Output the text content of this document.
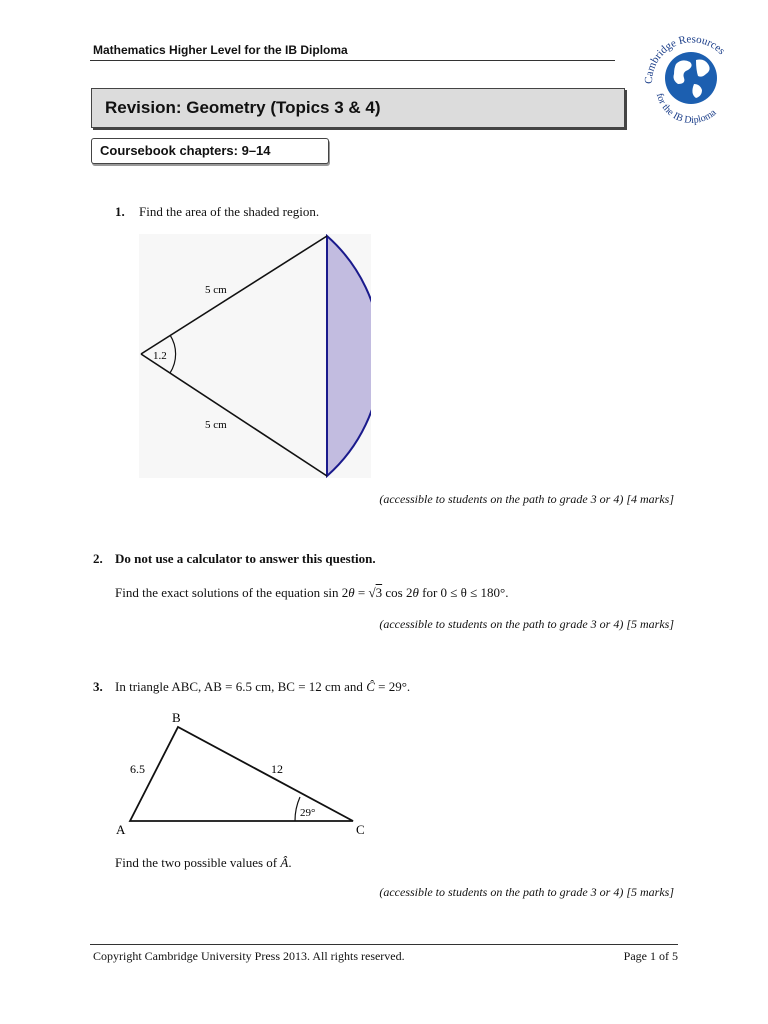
Mathematics Higher Level for the IB Diploma
Cambridge Resources
for the IB Diploma
Revision: Geometry (Topics 3 & 4)
Coursebook chapters: 9–14
1. Find the area of the shaded region.
1.2
5 cm
5 cm
(accessible to students on the path to grade 3 or 4) [4 marks]
2. Do not use a calculator to answer this question.
Find the exact solutions of the equation sin 2θ = √3 cos 2θ for 0 ≤ θ ≤ 180°.
(accessible to students on the path to grade 3 or 4) [5 marks]
3. In triangle ABC, AB = 6.5 cm, BC = 12 cm and Ĉ = 29°.
B
A	C
6.5	12
29°
Find the two possible values of Â.
(accessible to students on the path to grade 3 or 4) [5 marks]
Copyright Cambridge University Press 2013. All rights reserved.	Page 1 of 5
